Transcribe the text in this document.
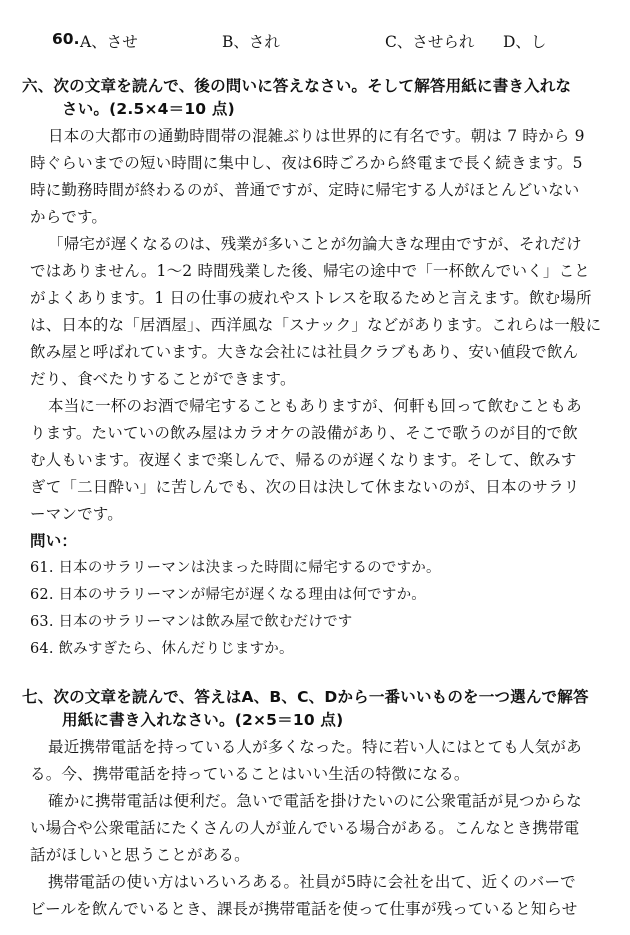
60. A、させ	B、され	C、させられ D、し
六、次の文章を読んで、後の問いに答えなさい。そして解答用紙に書き入れな
さい。(2.5×4＝10 点)
日本の大都市の通勤時間帯の混雑ぶりは世界的に有名です。朝は 7 時から 9
時ぐらいまでの短い時間に集中し、夜は6時ごろから終電まで長く続きます。5
時に勤務時間が終わるのが、普通ですが、定時に帰宅する人がほとんどいない
からです。
「帰宅が遅くなるのは、残業が多いことが勿論大きな理由ですが、それだけ
ではありません。1～2 時間残業した後、帰宅の途中で「一杯飲んでいく」こと
がよくあります。1 日の仕事の疲れやストレスを取るためと言えます。飲む場所
は、日本的な「居酒屋」、西洋風な「スナック」などがあります。これらは一般に
飲み屋と呼ばれています。大きな会社には社員クラブもあり、安い値段で飲ん
だり、食べたりすることができます。
本当に一杯のお酒で帰宅することもありますが、何軒も回って飲むこともあ
ります。たいていの飲み屋はカラオケの設備があり、そこで歌うのが目的で飲
む人もいます。夜遅くまで楽しんで、帰るのが遅くなります。そして、飲みす
ぎて「二日酔い」に苦しんでも、次の日は決して休まないのが、日本のサラリ
ーマンです。
問い：
61. 日本のサラリーマンは決まった時間に帰宅するのですか。
62. 日本のサラリーマンが帰宅が遅くなる理由は何ですか。
63. 日本のサラリーマンは飲み屋で飲むだけです
64. 飲みすぎたら、休んだりじますか。
七、次の文章を読んで、答えはA、B、C、Dから一番いいものを一つ選んで解答
用紙に書き入れなさい。(2×5＝10 点)
最近携帯電話を持っている人が多くなった。特に若い人にはとても人気があ
る。今、携帯電話を持っていることはいい生活の特徴になる。
確かに携帯電話は便利だ。急いで電話を掛けたいのに公衆電話が見つからな
い場合や公衆電話にたくさんの人が並んでいる場合がある。こんなとき携帯電
話がほしいと思うことがある。
携帯電話の使い方はいろいろある。社員が5時に会社を出て、近くのバーで
ビールを飲んでいるとき、課長が携帯電話を使って仕事が残っていると知らせ
